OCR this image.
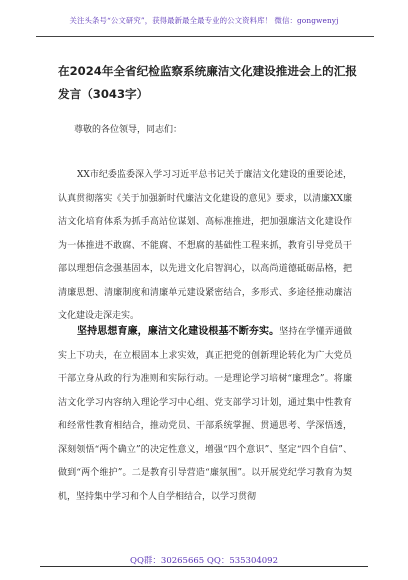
关注头条号“公文研究”，获得最新最全最专业的公文资料库！ 微信：gongwenyj
在2024年全省纪检监察系统廉洁文化建设推进会上的汇报发言（3043字）

尊敬的各位领导，同志们：

XX市纪委监委深入学习习近平总书记关于廉洁文化建设的重要论述，认真贯彻落实《关于加强新时代廉洁文化建设的意见》要求，以清廉XX廉洁文化培育体系为抓手高站位谋划、高标准推进，把加强廉洁文化建设作为一体推进不敢腐、不能腐、不想腐的基础性工程来抓，教育引导党员干部以理想信念强基固本，以先进文化启智润心，以高尚道德砥砺品格，把清廉思想、清廉制度和清廉单元建设紧密结合，多形式、多途径推动廉洁文化建设走深走实。

坚持思想育廉，廉洁文化建设根基不断夯实。坚持在学懂弄通做实上下功夫，在立根固本上求实效，真正把党的创新理论转化为广大党员干部立身从政的行为准则和实际行动。一是理论学习培树“廉理念”。将廉洁文化学习内容纳入理论学习中心组、党支部学习计划，通过集中性教育和经常性教育相结合，推动党员、干部系统掌握、贯通思考、学深悟透，深刻领悟“两个确立”的决定性意义，增强“四个意识”、坚定“四个自信”、做到“两个维护”。二是教育引导营造“廉氛围”。以开展党纪学习教育为契机，坚持集中学习和个人自学相结合，以学习贯彻

QQ群：30265665 QQ：535304092
